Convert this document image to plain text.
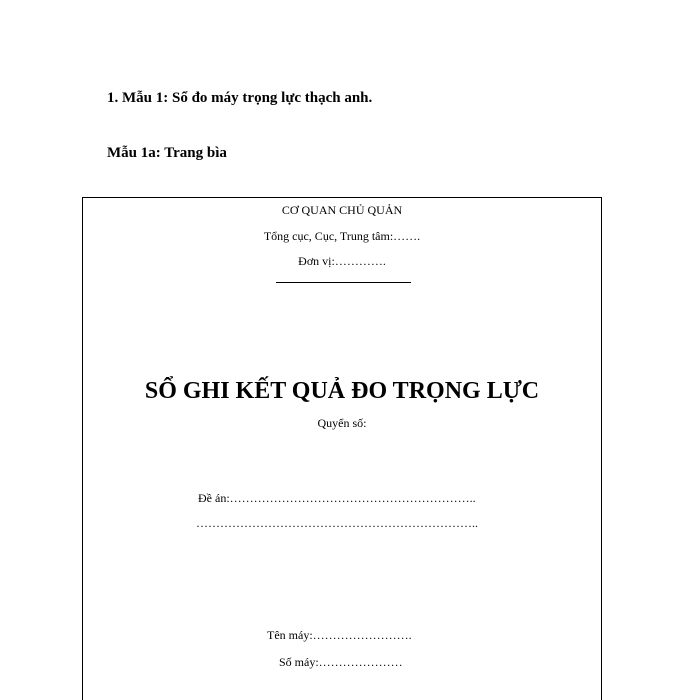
1. Mẫu 1: Sổ đo máy trọng lực thạch anh.

Mẫu 1a: Trang bìa

CƠ QUAN CHỦ QUẢN

Tổng cục, Cục, Trung tâm:…….

Đơn vị:………….

SỔ GHI KẾT QUẢ ĐO TRỌNG LỰC

Quyển số:

Đề án:……………………………………………………..

……………………………………………………………..

Tên máy:…………………….

Số máy:…………………
